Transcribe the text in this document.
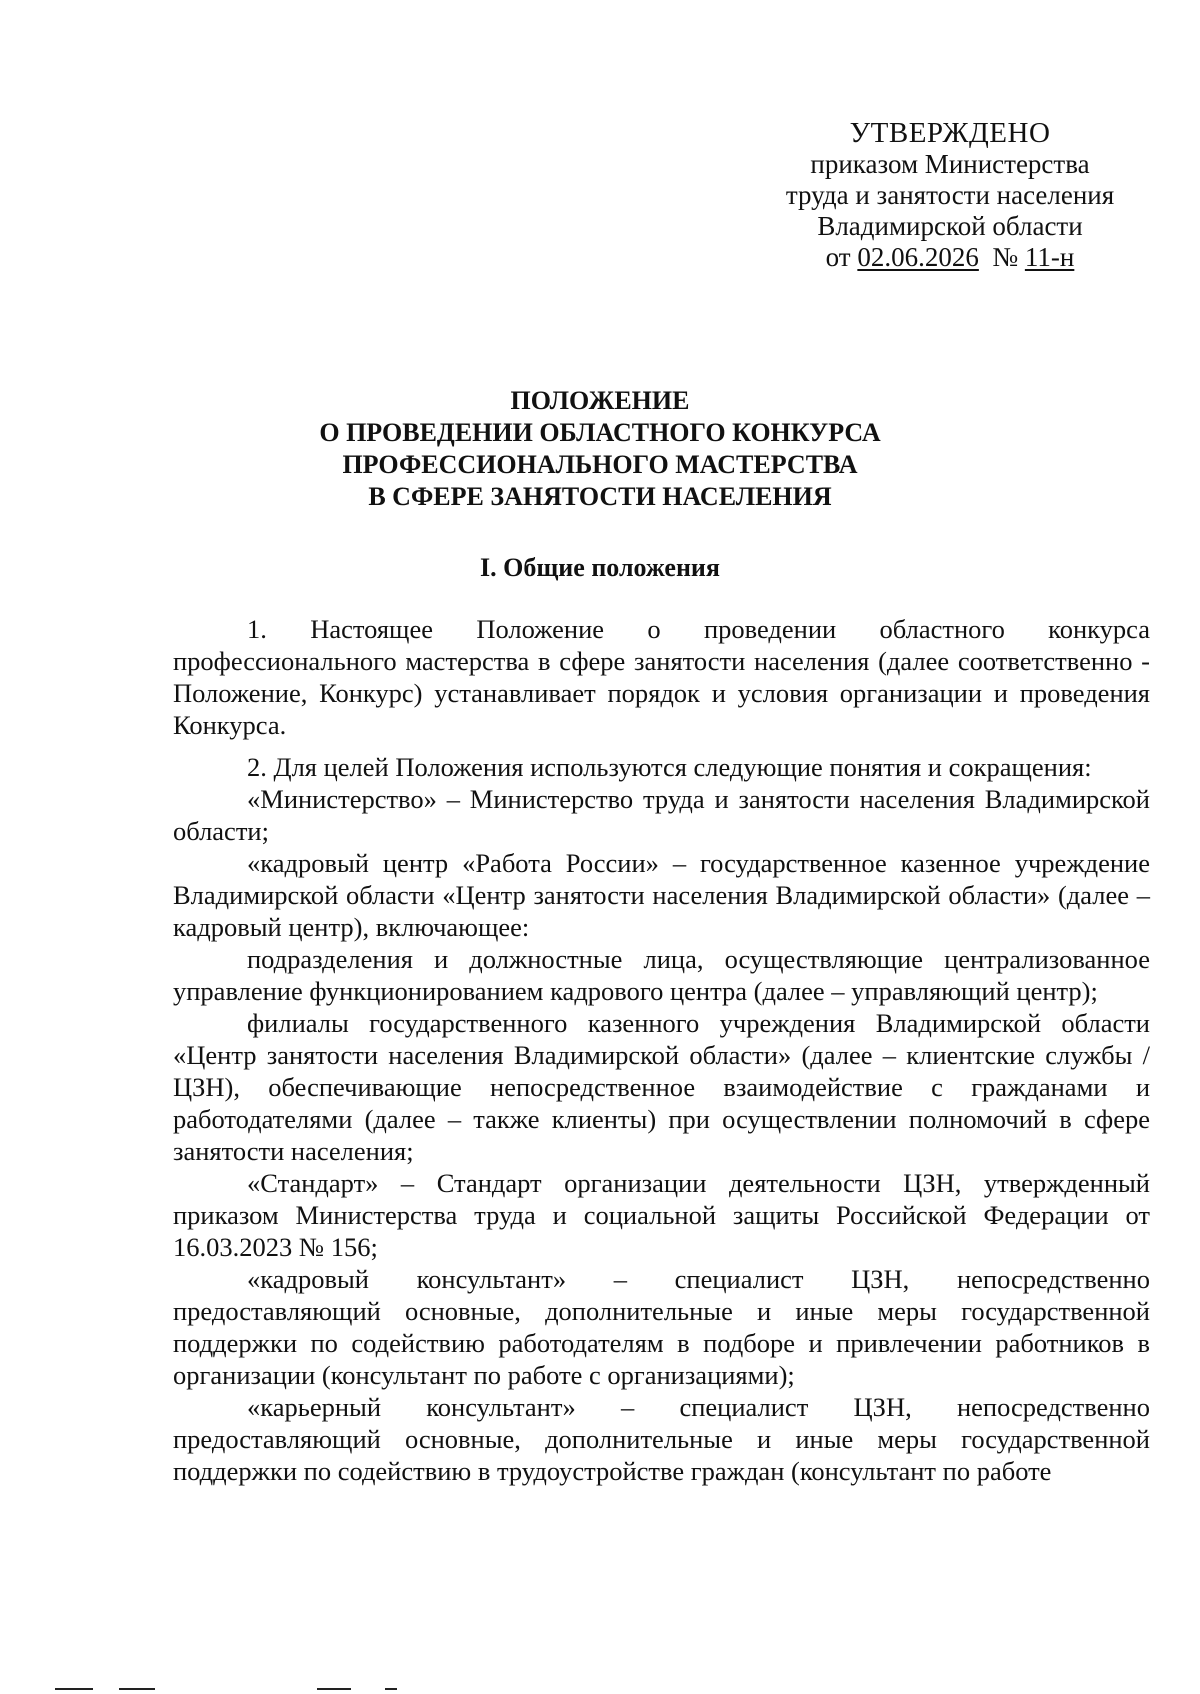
УТВЕРЖДЕНО
приказом Министерства
труда и занятости населения
Владимирской области
от 02.06.2026 № 11-н
ПОЛОЖЕНИЕ
О ПРОВЕДЕНИИ ОБЛАСТНОГО КОНКУРСА
ПРОФЕССИОНАЛЬНОГО МАСТЕРСТВА
В СФЕРЕ ЗАНЯТОСТИ НАСЕЛЕНИЯ
I. Общие положения

1. Настоящее Положение о проведении областного конкурса профессионального мастерства в сфере занятости населения (далее соответственно - Положение, Конкурс) устанавливает порядок и условия организации и проведения Конкурса.

2. Для целей Положения используются следующие понятия и сокращения:

«Министерство» – Министерство труда и занятости населения Владимирской области;

«кадровый центр «Работа России» – государственное казенное учреждение Владимирской области «Центр занятости населения Владимирской области» (далее – кадровый центр), включающее:

подразделения и должностные лица, осуществляющие централизованное управление функционированием кадрового центра (далее – управляющий центр);

филиалы государственного казенного учреждения Владимирской области «Центр занятости населения Владимирской области» (далее – клиентские службы / ЦЗН), обеспечивающие непосредственное взаимодействие с гражданами и работодателями (далее – также клиенты) при осуществлении полномочий в сфере занятости населения;

«Стандарт» – Стандарт организации деятельности ЦЗН, утвержденный приказом Министерства труда и социальной защиты Российской Федерации от 16.03.2023 № 156;

«кадровый консультант» – специалист ЦЗН, непосредственно предоставляющий основные, дополнительные и иные меры государственной поддержки по содействию работодателям в подборе и привлечении работников в организации (консультант по работе с организациями);

«карьерный консультант» – специалист ЦЗН, непосредственно предоставляющий основные, дополнительные и иные меры государственной поддержки по содействию в трудоустройстве граждан (консультант по работе
